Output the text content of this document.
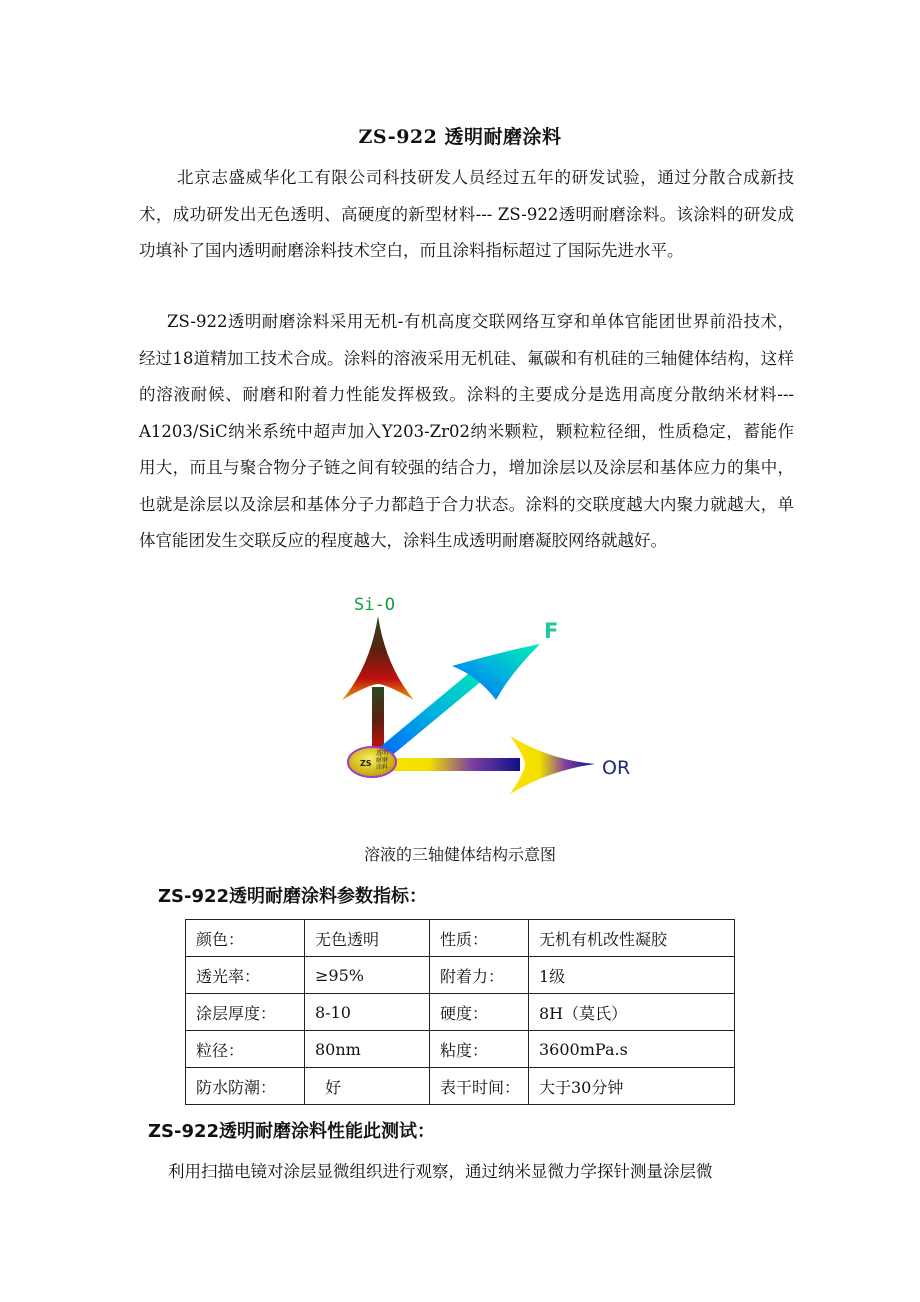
ZS-922 透明耐磨涂料
北京志盛威华化工有限公司科技研发人员经过五年的研发试验，通过分散合成新技术，成功研发出无色透明、高硬度的新型材料--- ZS-922透明耐磨涂料。该涂料的研发成功填补了国内透明耐磨涂料技术空白，而且涂料指标超过了国际先进水平。
ZS-922透明耐磨涂料采用无机-有机高度交联网络互穿和单体官能团世界前沿技术，经过18道精加工技术合成。涂料的溶液采用无机硅、氟碳和有机硅的三轴健体结构，这样的溶液耐候、耐磨和附着力性能发挥极致。涂料的主要成分是选用高度分散纳米材料---A1203/SiC纳米系统中超声加入Y203-Zr02纳米颗粒，颗粒粒径细，性质稳定，蓄能作用大，而且与聚合物分子链之间有较强的结合力，增加涂层以及涂层和基体应力的集中，也就是涂层以及涂层和基体分子力都趋于合力状态。涂料的交联度越大内聚力就越大，单体官能团发生交联反应的程度越大，涂料生成透明耐磨凝胶网络就越好。
ZS
透明
耐磨
涂料
Si-O
F
OR
溶液的三轴健体结构示意图
ZS-922透明耐磨涂料参数指标：
颜色：	无色透明	性质：	无机有机改性凝胶
透光率：	≥95%	附着力：	1级
涂层厚度：	8-10	硬度：	8H（莫氏）
粒径：	80nm	粘度：	3600mPa.s
防水防潮：	好	表干时间：	大于30分钟
ZS-922透明耐磨涂料性能此测试：
利用扫描电镜对涂层显微组织进行观察，通过纳米显微力学探针测量涂层微
